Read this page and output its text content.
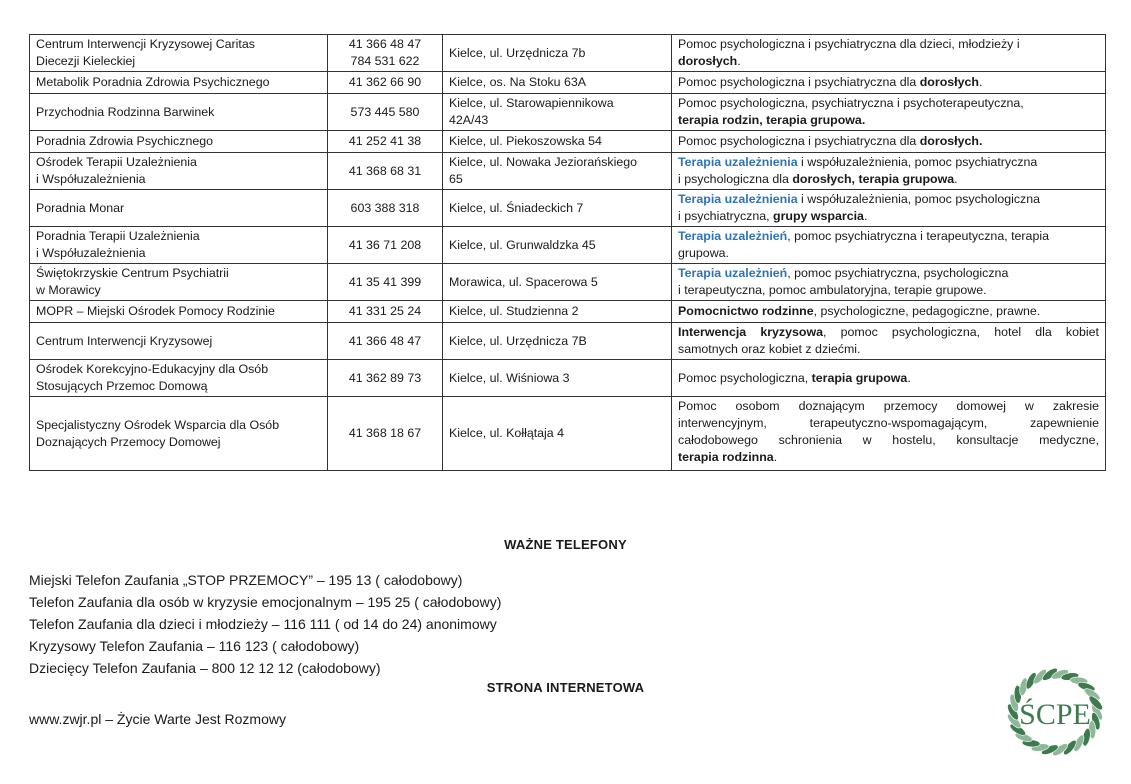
Centrum Interwencji Kryzysowej Caritas
Diecezji Kieleckiej	41 366 48 47
784 531 622	Kielce, ul. Urzędnicza 7b	Pomoc psychologiczna i psychiatryczna dla dzieci, młodzieży i
dorosłych.

Metabolik Poradnia Zdrowia Psychicznego	41 362 66 90	Kielce, os. Na Stoku 63A	Pomoc psychologiczna i psychiatryczna dla dorosłych.

Przychodnia Rodzinna Barwinek	573 445 580	Kielce, ul. Starowapiennikowa
42A/43	Pomoc psychologiczna, psychiatryczna i psychoterapeutyczna,
terapia rodzin, terapia grupowa.

Poradnia Zdrowia Psychicznego	41 252 41 38	Kielce, ul. Piekoszowska 54	Pomoc psychologiczna i psychiatryczna dla dorosłych.

Ośrodek Terapii Uzależnienia
i Współuzależnienia	41 368 68 31	Kielce, ul. Nowaka Jeziorańskiego
65	Terapia uzależnienia i współuzależnienia, pomoc psychiatryczna
i psychologiczna dla dorosłych, terapia grupowa.

Poradnia Monar	603 388 318	Kielce, ul. Śniadeckich 7	Terapia uzależnienia i współuzależnienia, pomoc psychologiczna
i psychiatryczna, grupy wsparcia.

Poradnia Terapii Uzależnienia
i Współuzależnienia	41 36 71 208	Kielce, ul. Grunwaldzka 45	Terapia uzależnień, pomoc psychiatryczna i terapeutyczna, terapia
grupowa.

Świętokrzyskie Centrum Psychiatrii
w Morawicy	41 35 41 399	Morawica, ul. Spacerowa 5	Terapia uzależnień, pomoc psychiatryczna, psychologiczna
i terapeutyczna, pomoc ambulatoryjna, terapie grupowe.

MOPR – Miejski Ośrodek Pomocy Rodzinie	41 331 25 24	Kielce, ul. Studzienna 2	Pomocnictwo rodzinne, psychologiczne, pedagogiczne, prawne.

Centrum Interwencji Kryzysowej	41 366 48 47	Kielce, ul. Urzędnicza 7B	Interwencja kryzysowa, pomoc psychologiczna, hotel dla kobiet
samotnych oraz kobiet z dziećmi.

Ośrodek Korekcyjno-Edukacyjny dla Osób
Stosujących Przemoc Domową	41 362 89 73	Kielce, ul. Wiśniowa 3	Pomoc psychologiczna, terapia grupowa.

Specjalistyczny Ośrodek Wsparcia dla Osób
Doznających Przemocy Domowej	41 368 18 67	Kielce, ul. Kołłątaja 4	Pomoc osobom doznającym przemocy domowej w zakresie
interwencyjnym, terapeutyczno-wspomagającym, zapewnienie
całodobowego schronienia w hostelu, konsultacje medyczne,
terapia rodzinna.
WAŻNE TELEFONY
Miejski Telefon Zaufania „STOP PRZEMOCY” – 195 13 ( całodobowy)
Telefon Zaufania dla osób w kryzysie emocjonalnym – 195 25 ( całodobowy)
Telefon Zaufania dla dzieci i młodzieży – 116 111 ( od 14 do 24) anonimowy
Kryzysowy Telefon Zaufania – 116 123 ( całodobowy)
Dziecięcy Telefon Zaufania – 800 12 12 12 (całodobowy)
STRONA INTERNETOWA
www.zwjr.pl – Życie Warte Jest Rozmowy	ŚCPE
